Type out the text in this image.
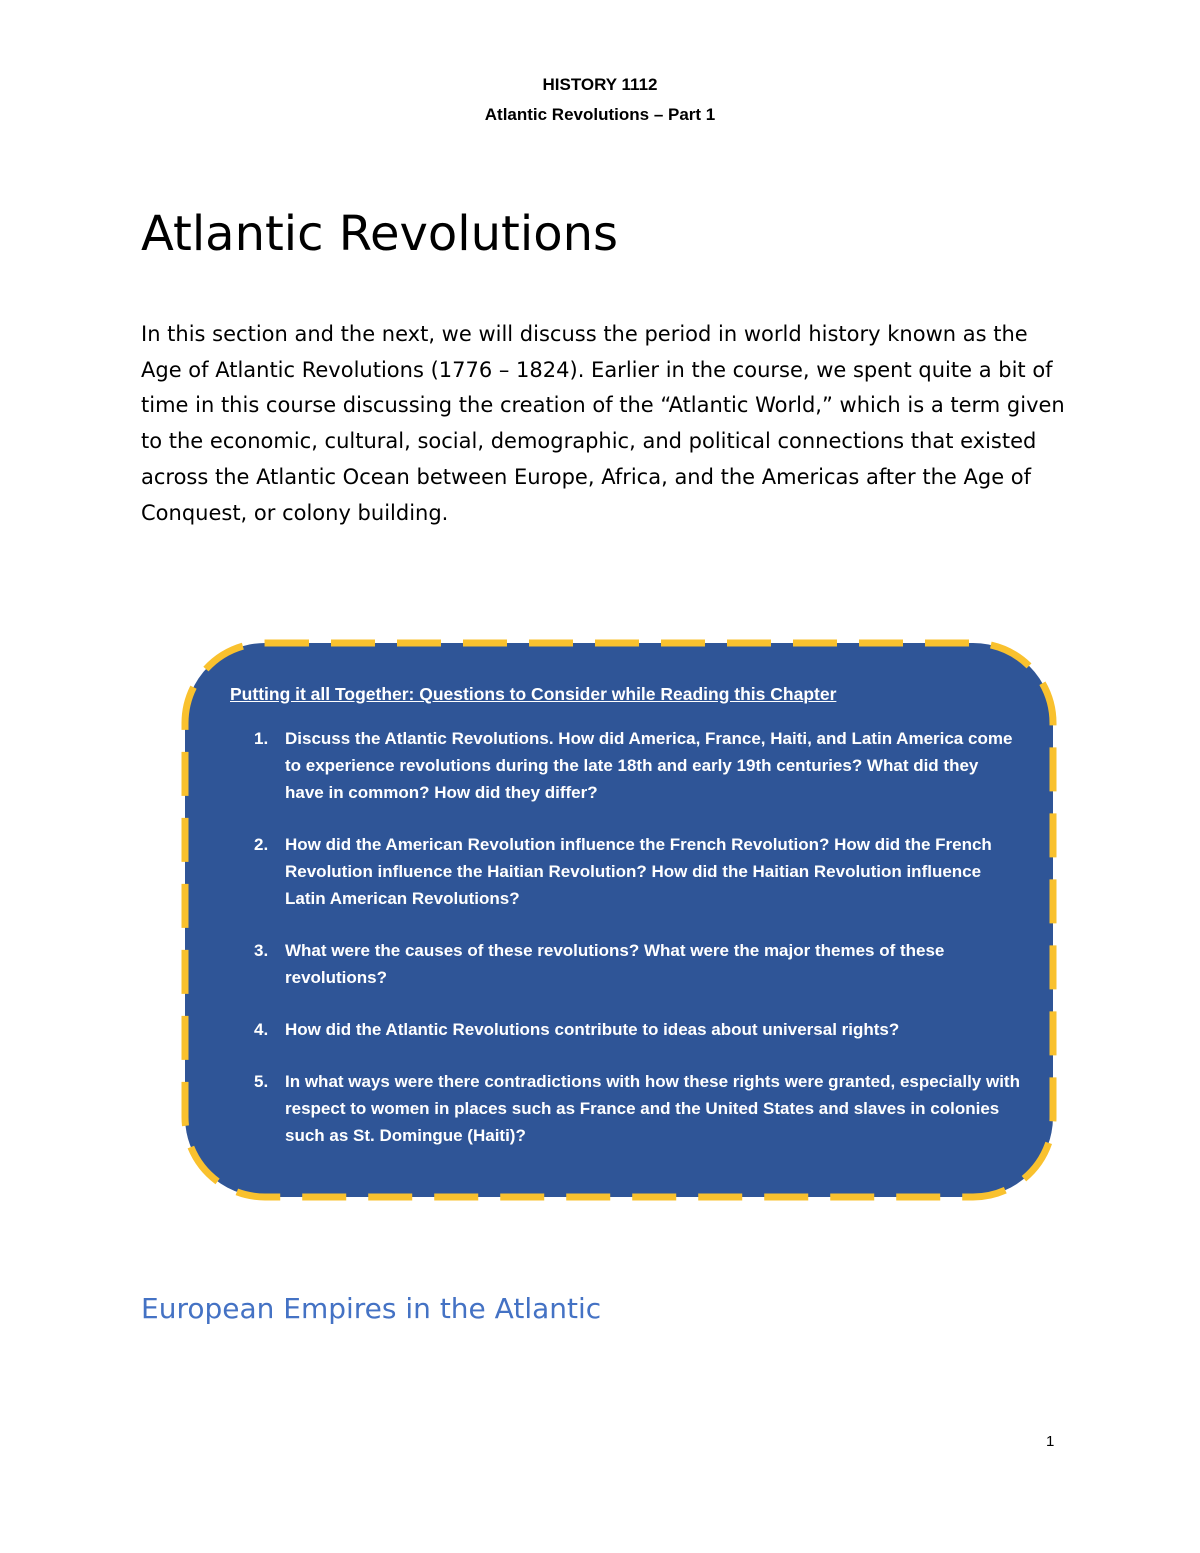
HISTORY 1112
Atlantic Revolutions – Part 1
Atlantic Revolutions

In this section and the next, we will discuss the period in world history known as the Age of Atlantic Revolutions (1776 – 1824). Earlier in the course, we spent quite a bit of time in this course discussing the creation of the “Atlantic World,” which is a term given to the economic, cultural, social, demographic, and political connections that existed across the Atlantic Ocean between Europe, Africa, and the Americas after the Age of Conquest, or colony building.

Putting it all Together: Questions to Consider while Reading this Chapter
1. Discuss the Atlantic Revolutions. How did America, France, Haiti, and Latin America come to experience revolutions during the late 18th and early 19th centuries? What did they have in common? How did they differ?
2. How did the American Revolution influence the French Revolution? How did the French Revolution influence the Haitian Revolution? How did the Haitian Revolution influence Latin American Revolutions?
3. What were the causes of these revolutions? What were the major themes of these revolutions?
4. How did the Atlantic Revolutions contribute to ideas about universal rights?
5. In what ways were there contradictions with how these rights were granted, especially with respect to women in places such as France and the United States and slaves in colonies such as St. Domingue (Haiti)?
European Empires in the Atlantic
1
